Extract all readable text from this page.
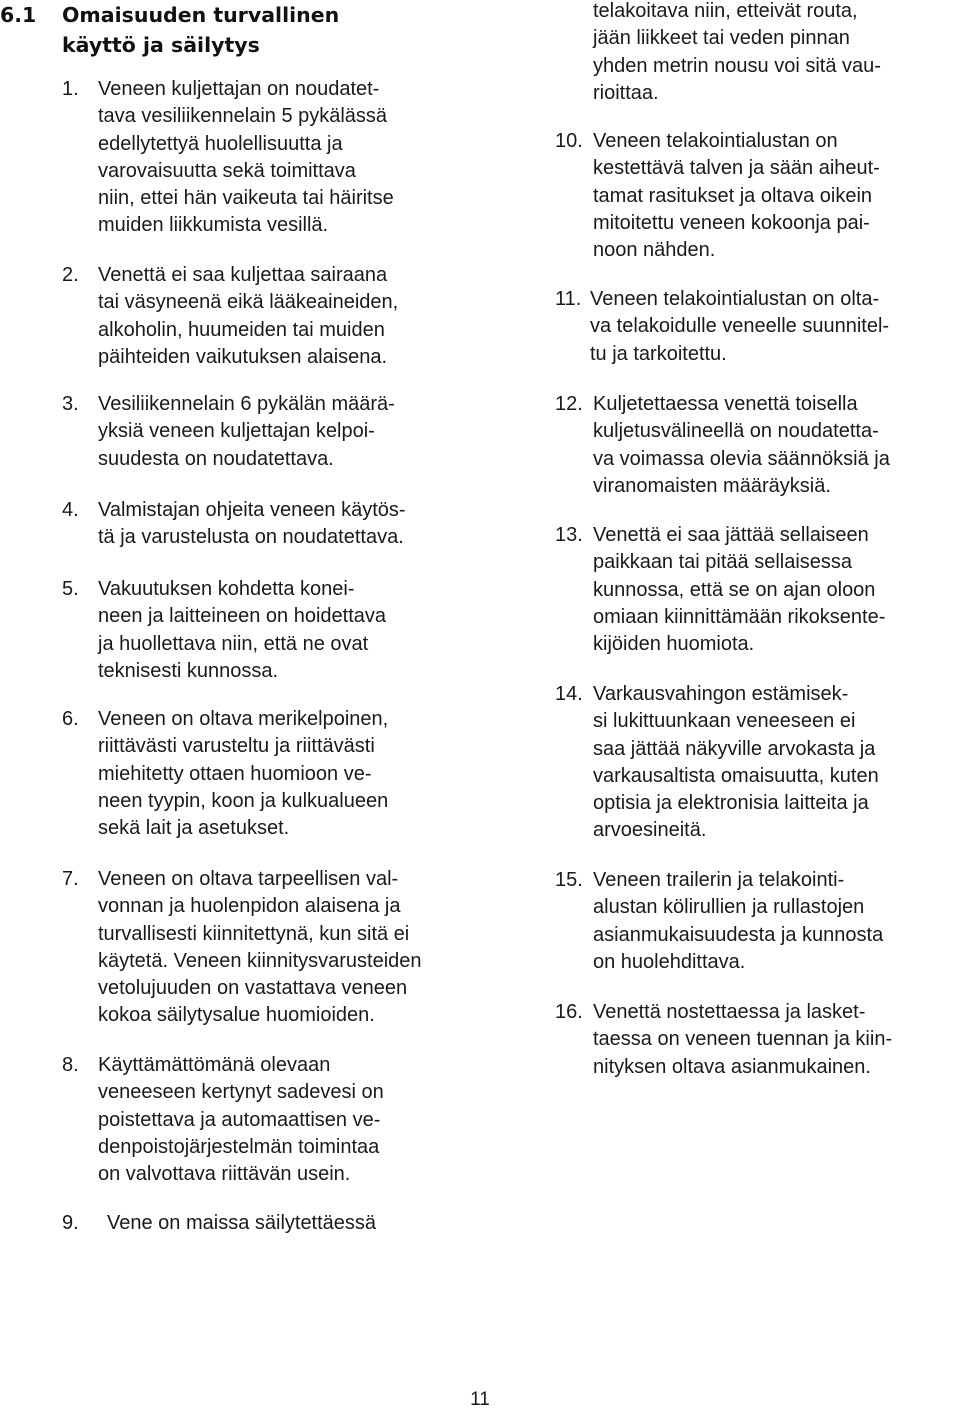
6.1	Omaisuuden turvallinen
käyttö ja säilytys
1. Veneen kuljettajan on noudatet-
tava vesiliikennelain 5 pykälässä
edellytettyä huolellisuutta ja
varovaisuutta sekä toimittava
niin, ettei hän vaikeuta tai häiritse
muiden liikkumista vesillä.
2. Venettä ei saa kuljettaa sairaana
tai väsyneenä eikä lääkeaineiden,
alkoholin, huumeiden tai muiden
päihteiden vaikutuksen alaisena.
3. Vesiliikennelain 6 pykälän määrä-
yksiä veneen kuljettajan kelpoi-
suudesta on noudatettava.
4. Valmistajan ohjeita veneen käytös-
tä ja varustelusta on noudatettava.
5. Vakuutuksen kohdetta konei-
neen ja laitteineen on hoidettava
ja huollettava niin, että ne ovat
teknisesti kunnossa.
6. Veneen on oltava merikelpoinen,
riittävästi varusteltu ja riittävästi
miehitetty ottaen huomioon ve-
neen tyypin, koon ja kulkualueen
sekä lait ja asetukset.
7. Veneen on oltava tarpeellisen val-
vonnan ja huolenpidon alaisena ja
turvallisesti kiinnitettynä, kun sitä ei
käytetä. Veneen kiinnitysvarusteiden
vetolujuuden on vastattava veneen
kokoa säilytysalue huomioiden.
8. Käyttämättömänä olevaan
veneeseen kertynyt sadevesi on
poistettava ja automaattisen ve-
denpoistojärjestelmän toimintaa
on valvottava riittävän usein.
9.	Vene on maissa säilytettäessä
telakoitava niin, etteivät routa,
jään liikkeet tai veden pinnan
yhden metrin nousu voi sitä vau-
rioittaa.
10. Veneen telakointialustan on
kestettävä talven ja sään aiheut-
tamat rasitukset ja oltava oikein
mitoitettu veneen kokoonja pai-
noon nähden.
11. Veneen telakointialustan on olta-
va telakoidulle veneelle suunnitel-
tu ja tarkoitettu.
12. Kuljetettaessa venettä toisella
kuljetusvälineellä on noudatetta-
va voimassa olevia säännöksiä ja
viranomaisten määräyksiä.
13. Venettä ei saa jättää sellaiseen
paikkaan tai pitää sellaisessa
kunnossa, että se on ajan oloon
omiaan kiinnittämään rikoksente-
kijöiden huomiota.
14. Varkausvahingon estämisek-
si lukittuunkaan veneeseen ei
saa jättää näkyville arvokasta ja
varkausaltista omaisuutta, kuten
optisia ja elektronisia laitteita ja
arvoesineitä.
15. Veneen trailerin ja telakointi-
alustan kölirullien ja rullastojen
asianmukaisuudesta ja kunnosta
on huolehdittava.
16. Venettä nostettaessa ja lasket-
taessa on veneen tuennan ja kiin-
nityksen oltava asianmukainen.
11
